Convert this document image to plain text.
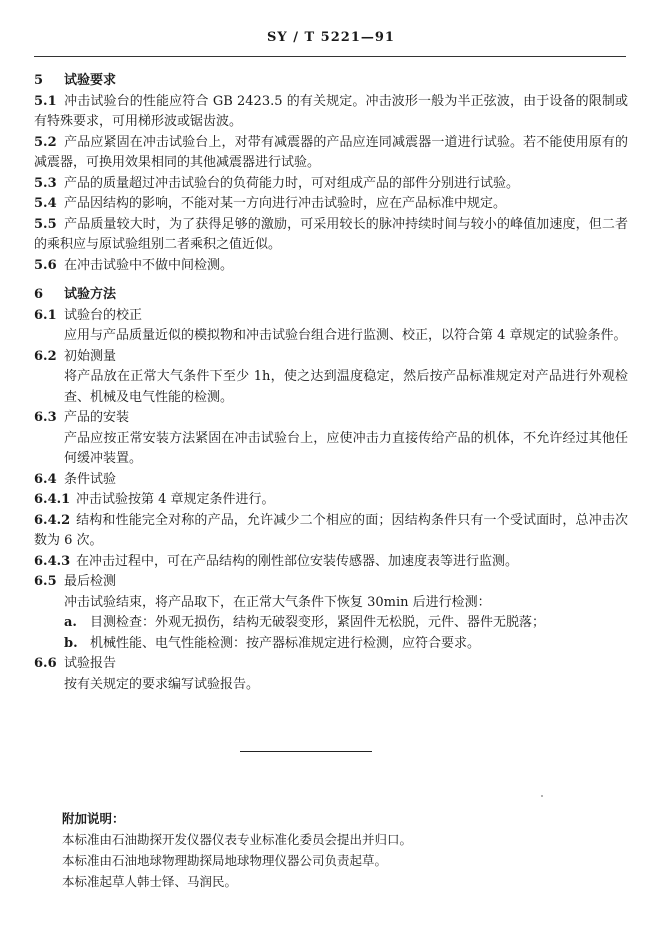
SY / T 5221—91
5 试验要求
5.1 冲击试验台的性能应符合 GB 2423.5 的有关规定。冲击波形一般为半正弦波，由于设备的限制或有特殊要求，可用梯形波或锯齿波。
5.2 产品应紧固在冲击试验台上，对带有减震器的产品应连同减震器一道进行试验。若不能使用原有的减震器，可换用效果相同的其他减震器进行试验。
5.3 产品的质量超过冲击试验台的负荷能力时，可对组成产品的部件分别进行试验。
5.4 产品因结构的影响，不能对某一方向进行冲击试验时，应在产品标准中规定。
5.5 产品质量较大时，为了获得足够的激励，可采用较长的脉冲持续时间与较小的峰值加速度，但二者的乘积应与原试验组别二者乘积之值近似。
5.6 在冲击试验中不做中间检测。
6 试验方法
6.1 试验台的校正
应用与产品质量近似的模拟物和冲击试验台组合进行监测、校正，以符合第 4 章规定的试验条件。
6.2 初始测量
将产品放在正常大气条件下至少 1h，使之达到温度稳定，然后按产品标准规定对产品进行外观检查、机械及电气性能的检测。
6.3 产品的安装
产品应按正常安装方法紧固在冲击试验台上，应使冲击力直接传给产品的机体，不允许经过其他任何缓冲装置。
6.4 条件试验
6.4.1 冲击试验按第 4 章规定条件进行。
6.4.2 结构和性能完全对称的产品，允许减少二个相应的面；因结构条件只有一个受试面时，总冲击次数为 6 次。
6.4.3 在冲击过程中，可在产品结构的刚性部位安装传感器、加速度表等进行监测。
6.5 最后检测
冲击试验结束，将产品取下，在正常大气条件下恢复 30min 后进行检测：
a. 目测检查：外观无损伤，结构无破裂变形，紧固件无松脱，元件、器件无脱落；
b. 机械性能、电气性能检测：按产器标准规定进行检测，应符合要求。
6.6 试验报告
按有关规定的要求编写试验报告。
附加说明：
本标准由石油勘探开发仪器仪表专业标准化委员会提出并归口。
本标准由石油地球物理勘探局地球物理仪器公司负责起草。
本标准起草人韩士铎、马润民。
